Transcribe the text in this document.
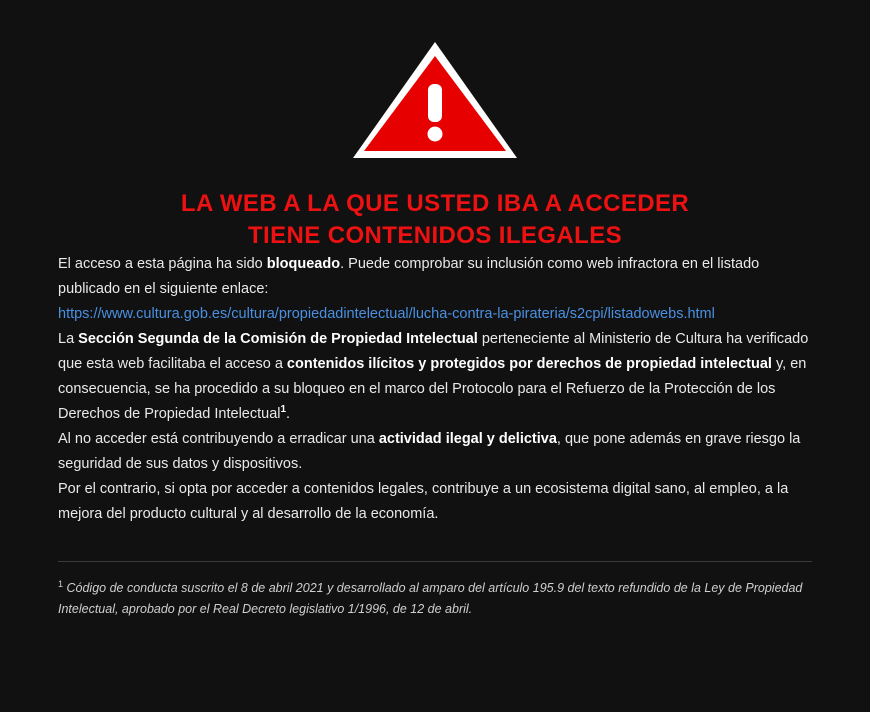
LA WEB A LA QUE USTED IBA A ACCEDER
TIENE CONTENIDOS ILEGALES

El acceso a esta página ha sido bloqueado. Puede comprobar su inclusión como web infractora en el listado publicado en el siguiente enlace:
https://www.cultura.gob.es/cultura/propiedadintelectual/lucha-contra-la-pirateria/s2cpi/listadowebs.html

La Sección Segunda de la Comisión de Propiedad Intelectual perteneciente al Ministerio de Cultura ha verificado que esta web facilitaba el acceso a contenidos ilícitos y protegidos por derechos de propiedad intelectual y, en consecuencia, se ha procedido a su bloqueo en el marco del Protocolo para el Refuerzo de la Protección de los Derechos de Propiedad Intelectual$^1$.

Al no acceder está contribuyendo a erradicar una actividad ilegal y delictiva, que pone además en grave riesgo la seguridad de sus datos y dispositivos.

Por el contrario, si opta por acceder a contenidos legales, contribuye a un ecosistema digital sano, al empleo, a la mejora del producto cultural y al desarrollo de la economía.

$^1$ Código de conducta suscrito el 8 de abril 2021 y desarrollado al amparo del artículo 195.9 del texto refundido de la Ley de Propiedad Intelectual, aprobado por el Real Decreto legislativo 1/1996, de 12 de abril.
